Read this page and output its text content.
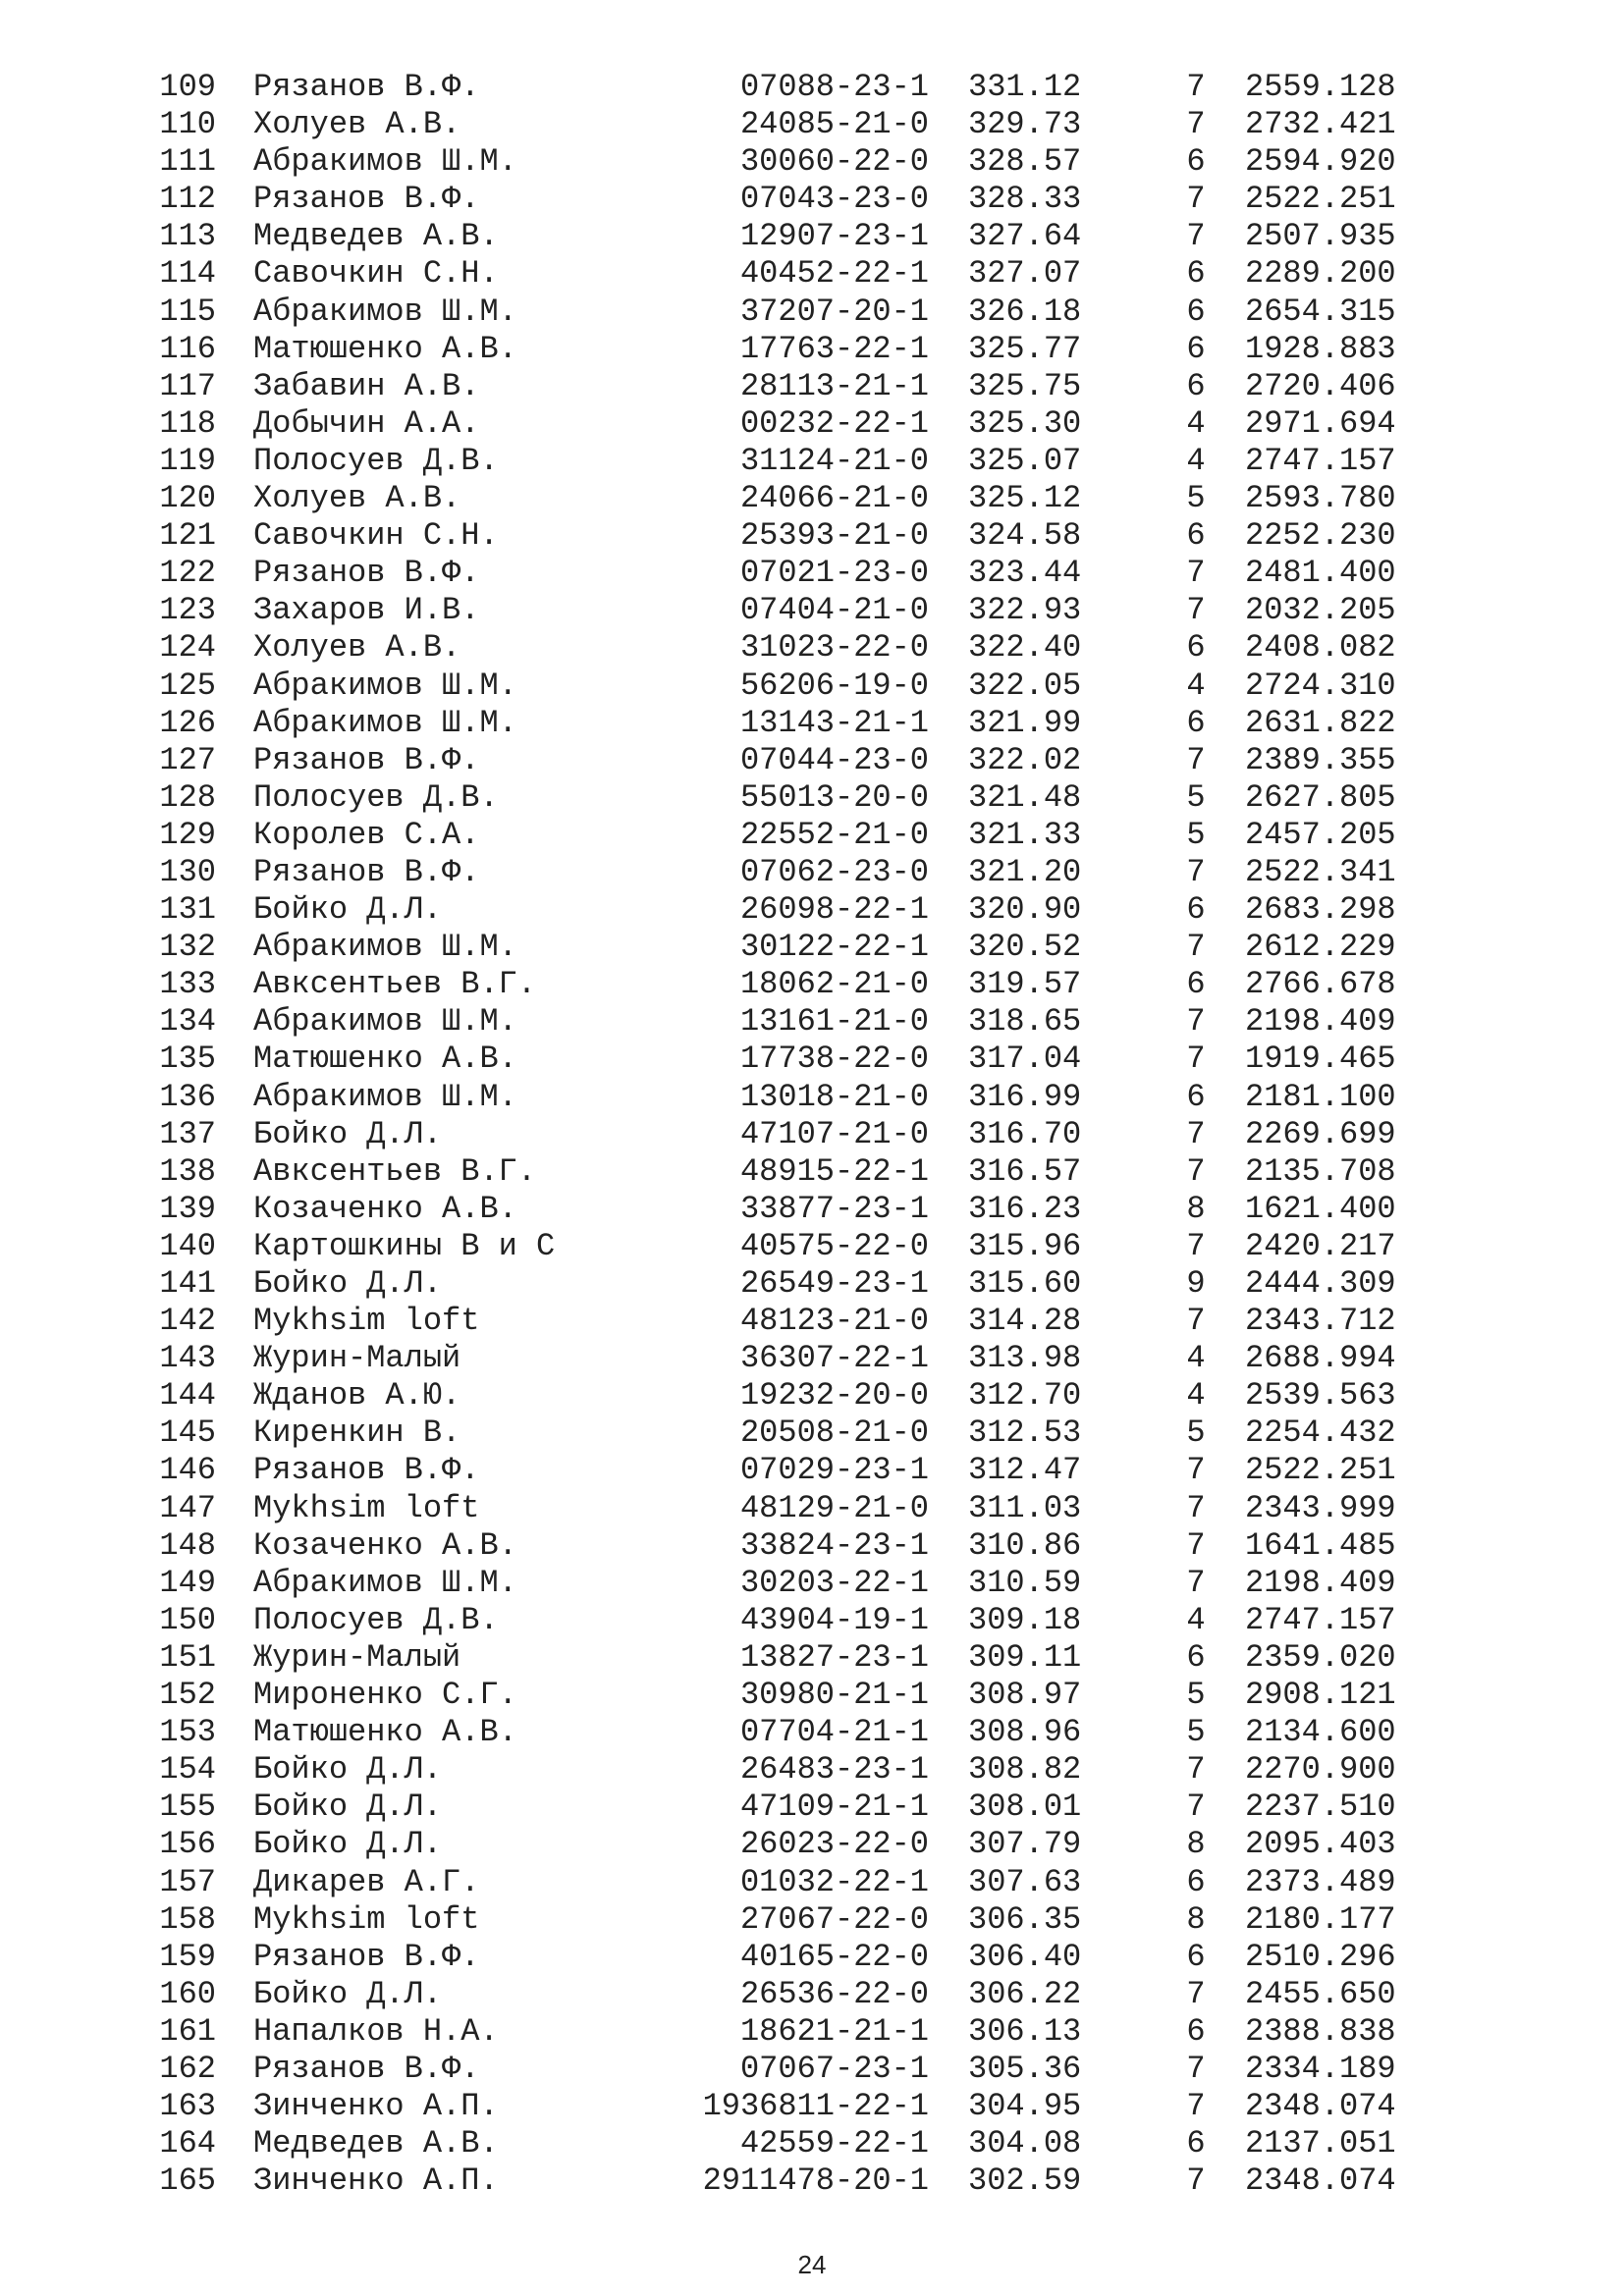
109 Рязанов В.Ф.	07088-23-1 331.12	7 2559.128
110 Холуев А.В.	24085-21-0 329.73	7 2732.421
111 Абракимов Ш.М.	30060-22-0 328.57	6 2594.920
112 Рязанов В.Ф.	07043-23-0 328.33	7 2522.251
113 Медведев А.В.	12907-23-1 327.64	7 2507.935
114 Савочкин С.Н.	40452-22-1 327.07	6 2289.200
115 Абракимов Ш.М.	37207-20-1 326.18	6 2654.315
116 Матюшенко А.В.	17763-22-1 325.77	6 1928.883
117 Забавин А.В.	28113-21-1 325.75	6 2720.406
118 Добычин А.А.	00232-22-1 325.30	4 2971.694
119 Полосуев Д.В.	31124-21-0 325.07	4 2747.157
120 Холуев А.В.	24066-21-0 325.12	5 2593.780
121 Савочкин С.Н.	25393-21-0 324.58	6 2252.230
122 Рязанов В.Ф.	07021-23-0 323.44	7 2481.400
123 Захаров И.В.	07404-21-0 322.93	7 2032.205
124 Холуев А.В.	31023-22-0 322.40	6 2408.082
125 Абракимов Ш.М.	56206-19-0 322.05	4 2724.310
126 Абракимов Ш.М.	13143-21-1 321.99	6 2631.822
127 Рязанов В.Ф.	07044-23-0 322.02	7 2389.355
128 Полосуев Д.В.	55013-20-0 321.48	5 2627.805
129 Королев С.А.	22552-21-0 321.33	5 2457.205
130 Рязанов В.Ф.	07062-23-0 321.20	7 2522.341
131 Бойко Д.Л.	26098-22-1 320.90	6 2683.298
132 Абракимов Ш.М.	30122-22-1 320.52	7 2612.229
133 Авксентьев В.Г.	18062-21-0 319.57	6 2766.678
134 Абракимов Ш.М.	13161-21-0 318.65	7 2198.409
135 Матюшенко А.В.	17738-22-0 317.04	7 1919.465
136 Абракимов Ш.М.	13018-21-0 316.99	6 2181.100
137 Бойко Д.Л.	47107-21-0 316.70	7 2269.699
138 Авксентьев В.Г.	48915-22-1 316.57	7 2135.708
139 Козаченко А.В.	33877-23-1 316.23	8 1621.400
140 Картошкины В и С	40575-22-0 315.96	7 2420.217
141 Бойко Д.Л.	26549-23-1 315.60	9 2444.309
142 Mykhsim loft	48123-21-0 314.28	7 2343.712
143 Журин-Малый	36307-22-1 313.98	4 2688.994
144 Жданов А.Ю.	19232-20-0 312.70	4 2539.563
145 Киренкин В.	20508-21-0 312.53	5 2254.432
146 Рязанов В.Ф.	07029-23-1 312.47	7 2522.251
147 Mykhsim loft	48129-21-0 311.03	7 2343.999
148 Козаченко А.В.	33824-23-1 310.86	7 1641.485
149 Абракимов Ш.М.	30203-22-1 310.59	7 2198.409
150 Полосуев Д.В.	43904-19-1 309.18	4 2747.157
151 Журин-Малый	13827-23-1 309.11	6 2359.020
152 Мироненко С.Г.	30980-21-1 308.97	5 2908.121
153 Матюшенко А.В.	07704-21-1 308.96	5 2134.600
154 Бойко Д.Л.	26483-23-1 308.82	7 2270.900
155 Бойко Д.Л.	47109-21-1 308.01	7 2237.510
156 Бойко Д.Л.	26023-22-0 307.79	8 2095.403
157 Дикарев А.Г.	01032-22-1 307.63	6 2373.489
158 Mykhsim loft	27067-22-0 306.35	8 2180.177
159 Рязанов В.Ф.	40165-22-0 306.40	6 2510.296
160 Бойко Д.Л.	26536-22-0 306.22	7 2455.650
161 Напалков Н.А.	18621-21-1 306.13	6 2388.838
162 Рязанов В.Ф.	07067-23-1 305.36	7 2334.189
163 Зинченко А.П.	1936811-22-1 304.95	7 2348.074
164 Медведев А.В.	42559-22-1 304.08	6 2137.051
165 Зинченко А.П.	2911478-20-1 302.59	7 2348.074
24
